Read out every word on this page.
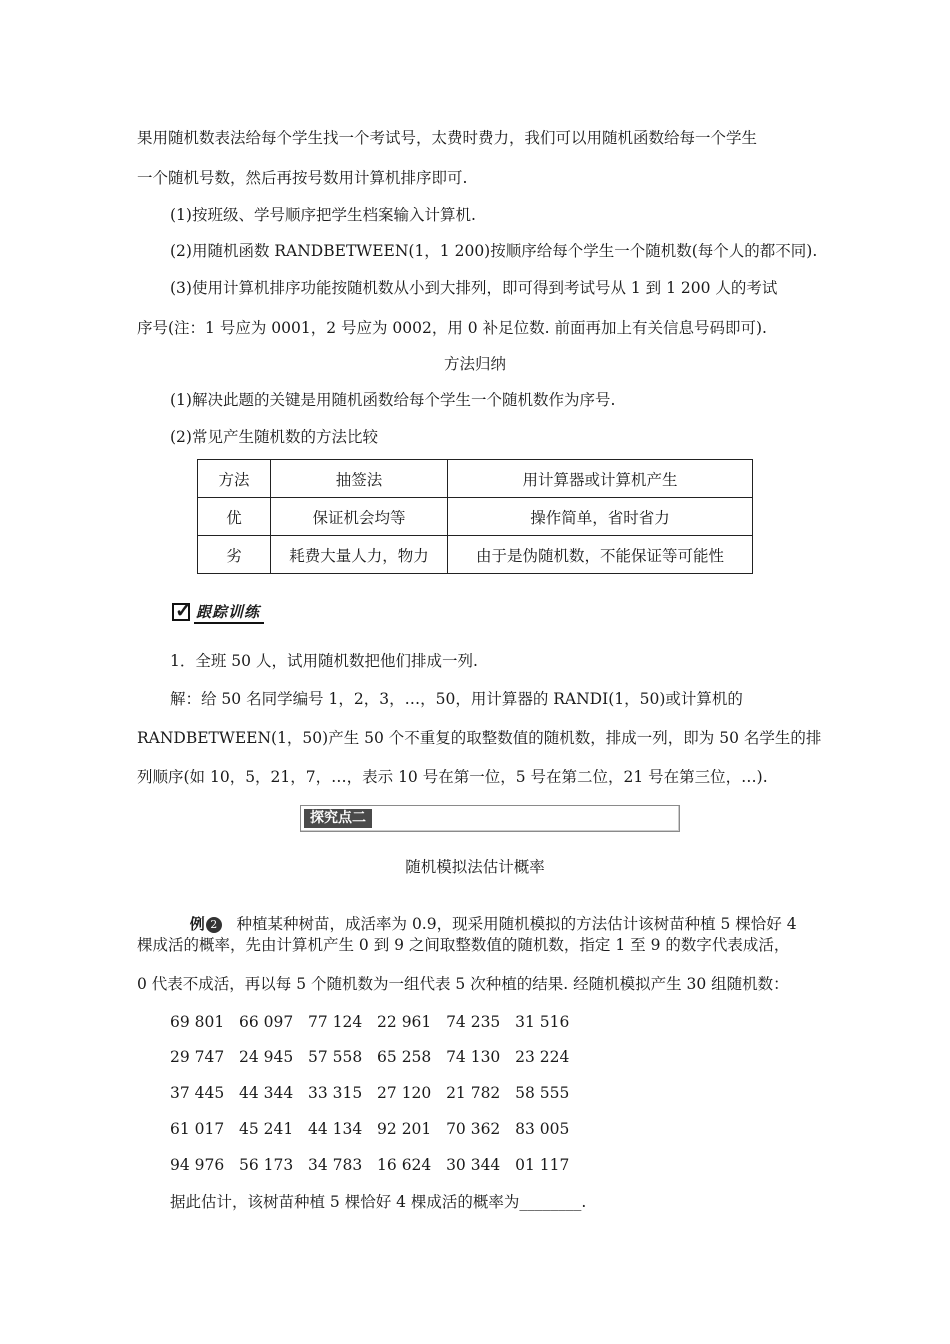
果用随机数表法给每个学生找一个考试号，太费时费力，我们可以用随机函数给每一个学生
一个随机号数，然后再按号数用计算机排序即可.
(1)按班级、学号顺序把学生档案输入计算机.
(2)用随机函数 RANDBETWEEN(1，1 200)按顺序给每个学生一个随机数(每个人的都不同).
(3)使用计算机排序功能按随机数从小到大排列，即可得到考试号从 1 到 1 200 人的考试
序号(注：1 号应为 0001，2 号应为 0002，用 0 补足位数. 前面再加上有关信息号码即可).
方法归纳
(1)解决此题的关键是用随机函数给每个学生一个随机数作为序号.
(2)常见产生随机数的方法比较
方法	抽签法	用计算器或计算机产生
优	保证机会均等	操作简单，省时省力
劣	耗费大量人力，物力	由于是伪随机数，不能保证等可能性
✓ 跟踪训练
1．全班 50 人，试用随机数把他们排成一列.
解：给 50 名同学编号 1，2，3，…，50，用计算器的 RANDI(1，50)或计算机的
RANDBETWEEN(1，50)产生 50 个不重复的取整数值的随机数，排成一列，即为 50 名学生的排
列顺序(如 10，5，21，7，…，表示 10 号在第一位，5 号在第二位，21 号在第三位，…).
探究点二
随机模拟法估计概率

例 2 种植某种树苗，成活率为 0.9，现采用随机模拟的方法估计该树苗种植 5 棵恰好 4

棵成活的概率，先由计算机产生 0 到 9 之间取整数值的随机数，指定 1 至 9 的数字代表成活，
0 代表不成活，再以每 5 个随机数为一组代表 5 次种植的结果. 经随机模拟产生 30 组随机数：
69 801   66 097   77 124   22 961   74 235   31 516
29 747   24 945   57 558   65 258   74 130   23 224
37 445   44 344   33 315   27 120   21 782   58 555
61 017   45 241   44 134   92 201   70 362   83 005
94 976   56 173   34 783   16 624   30 344   01 117
据此估计，该树苗种植 5 棵恰好 4 棵成活的概率为________.
